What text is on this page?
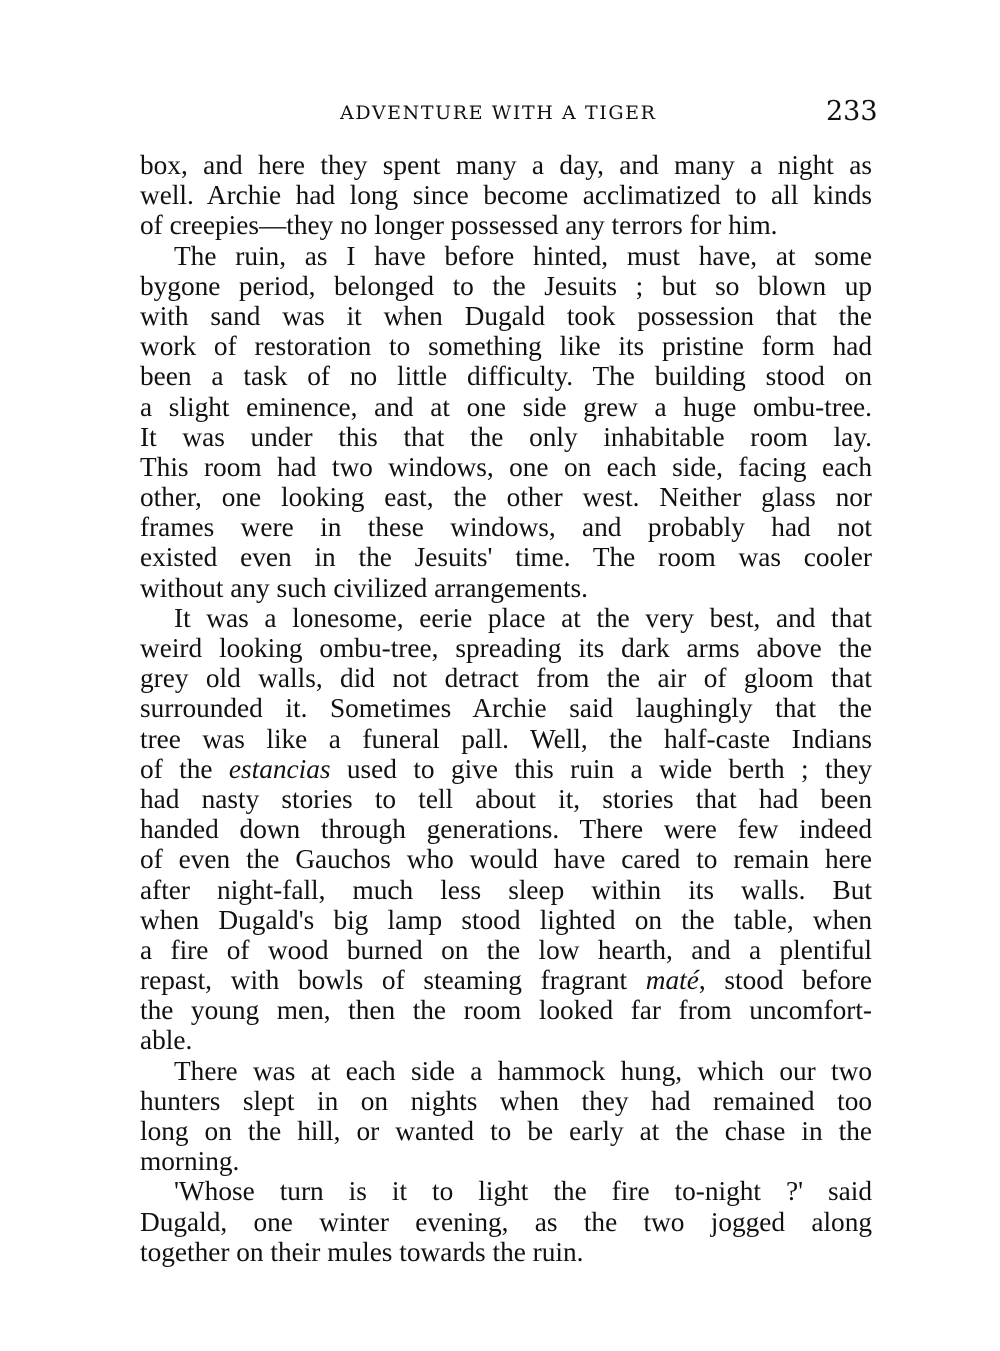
ADVENTURE WITH A TIGER	233
box, and here they spent many a day, and many a night as
well. Archie had long since become acclimatized to all kinds
of creepies—they no longer possessed any terrors for him.
The ruin, as I have before hinted, must have, at some
bygone period, belonged to the Jesuits ; but so blown up
with sand was it when Dugald took possession that the
work of restoration to something like its pristine form had
been a task of no little difficulty. The building stood on
a slight eminence, and at one side grew a huge ombu-tree.
It was under this that the only inhabitable room lay.
This room had two windows, one on each side, facing each
other, one looking east, the other west. Neither glass nor
frames were in these windows, and probably had not
existed even in the Jesuits' time. The room was cooler
without any such civilized arrangements.
It was a lonesome, eerie place at the very best, and that
weird looking ombu-tree, spreading its dark arms above the
grey old walls, did not detract from the air of gloom that
surrounded it. Sometimes Archie said laughingly that the
tree was like a funeral pall. Well, the half-caste Indians
of the estancias used to give this ruin a wide berth ; they
had nasty stories to tell about it, stories that had been
handed down through generations. There were few indeed
of even the Gauchos who would have cared to remain here
after night-fall, much less sleep within its walls. But
when Dugald's big lamp stood lighted on the table, when
a fire of wood burned on the low hearth, and a plentiful
repast, with bowls of steaming fragrant maté, stood before
the young men, then the room looked far from uncomfort-
able.
There was at each side a hammock hung, which our two
hunters slept in on nights when they had remained too
long on the hill, or wanted to be early at the chase in the
morning.
'Whose turn is it to light the fire to-night ?' said
Dugald, one winter evening, as the two jogged along
together on their mules towards the ruin.
